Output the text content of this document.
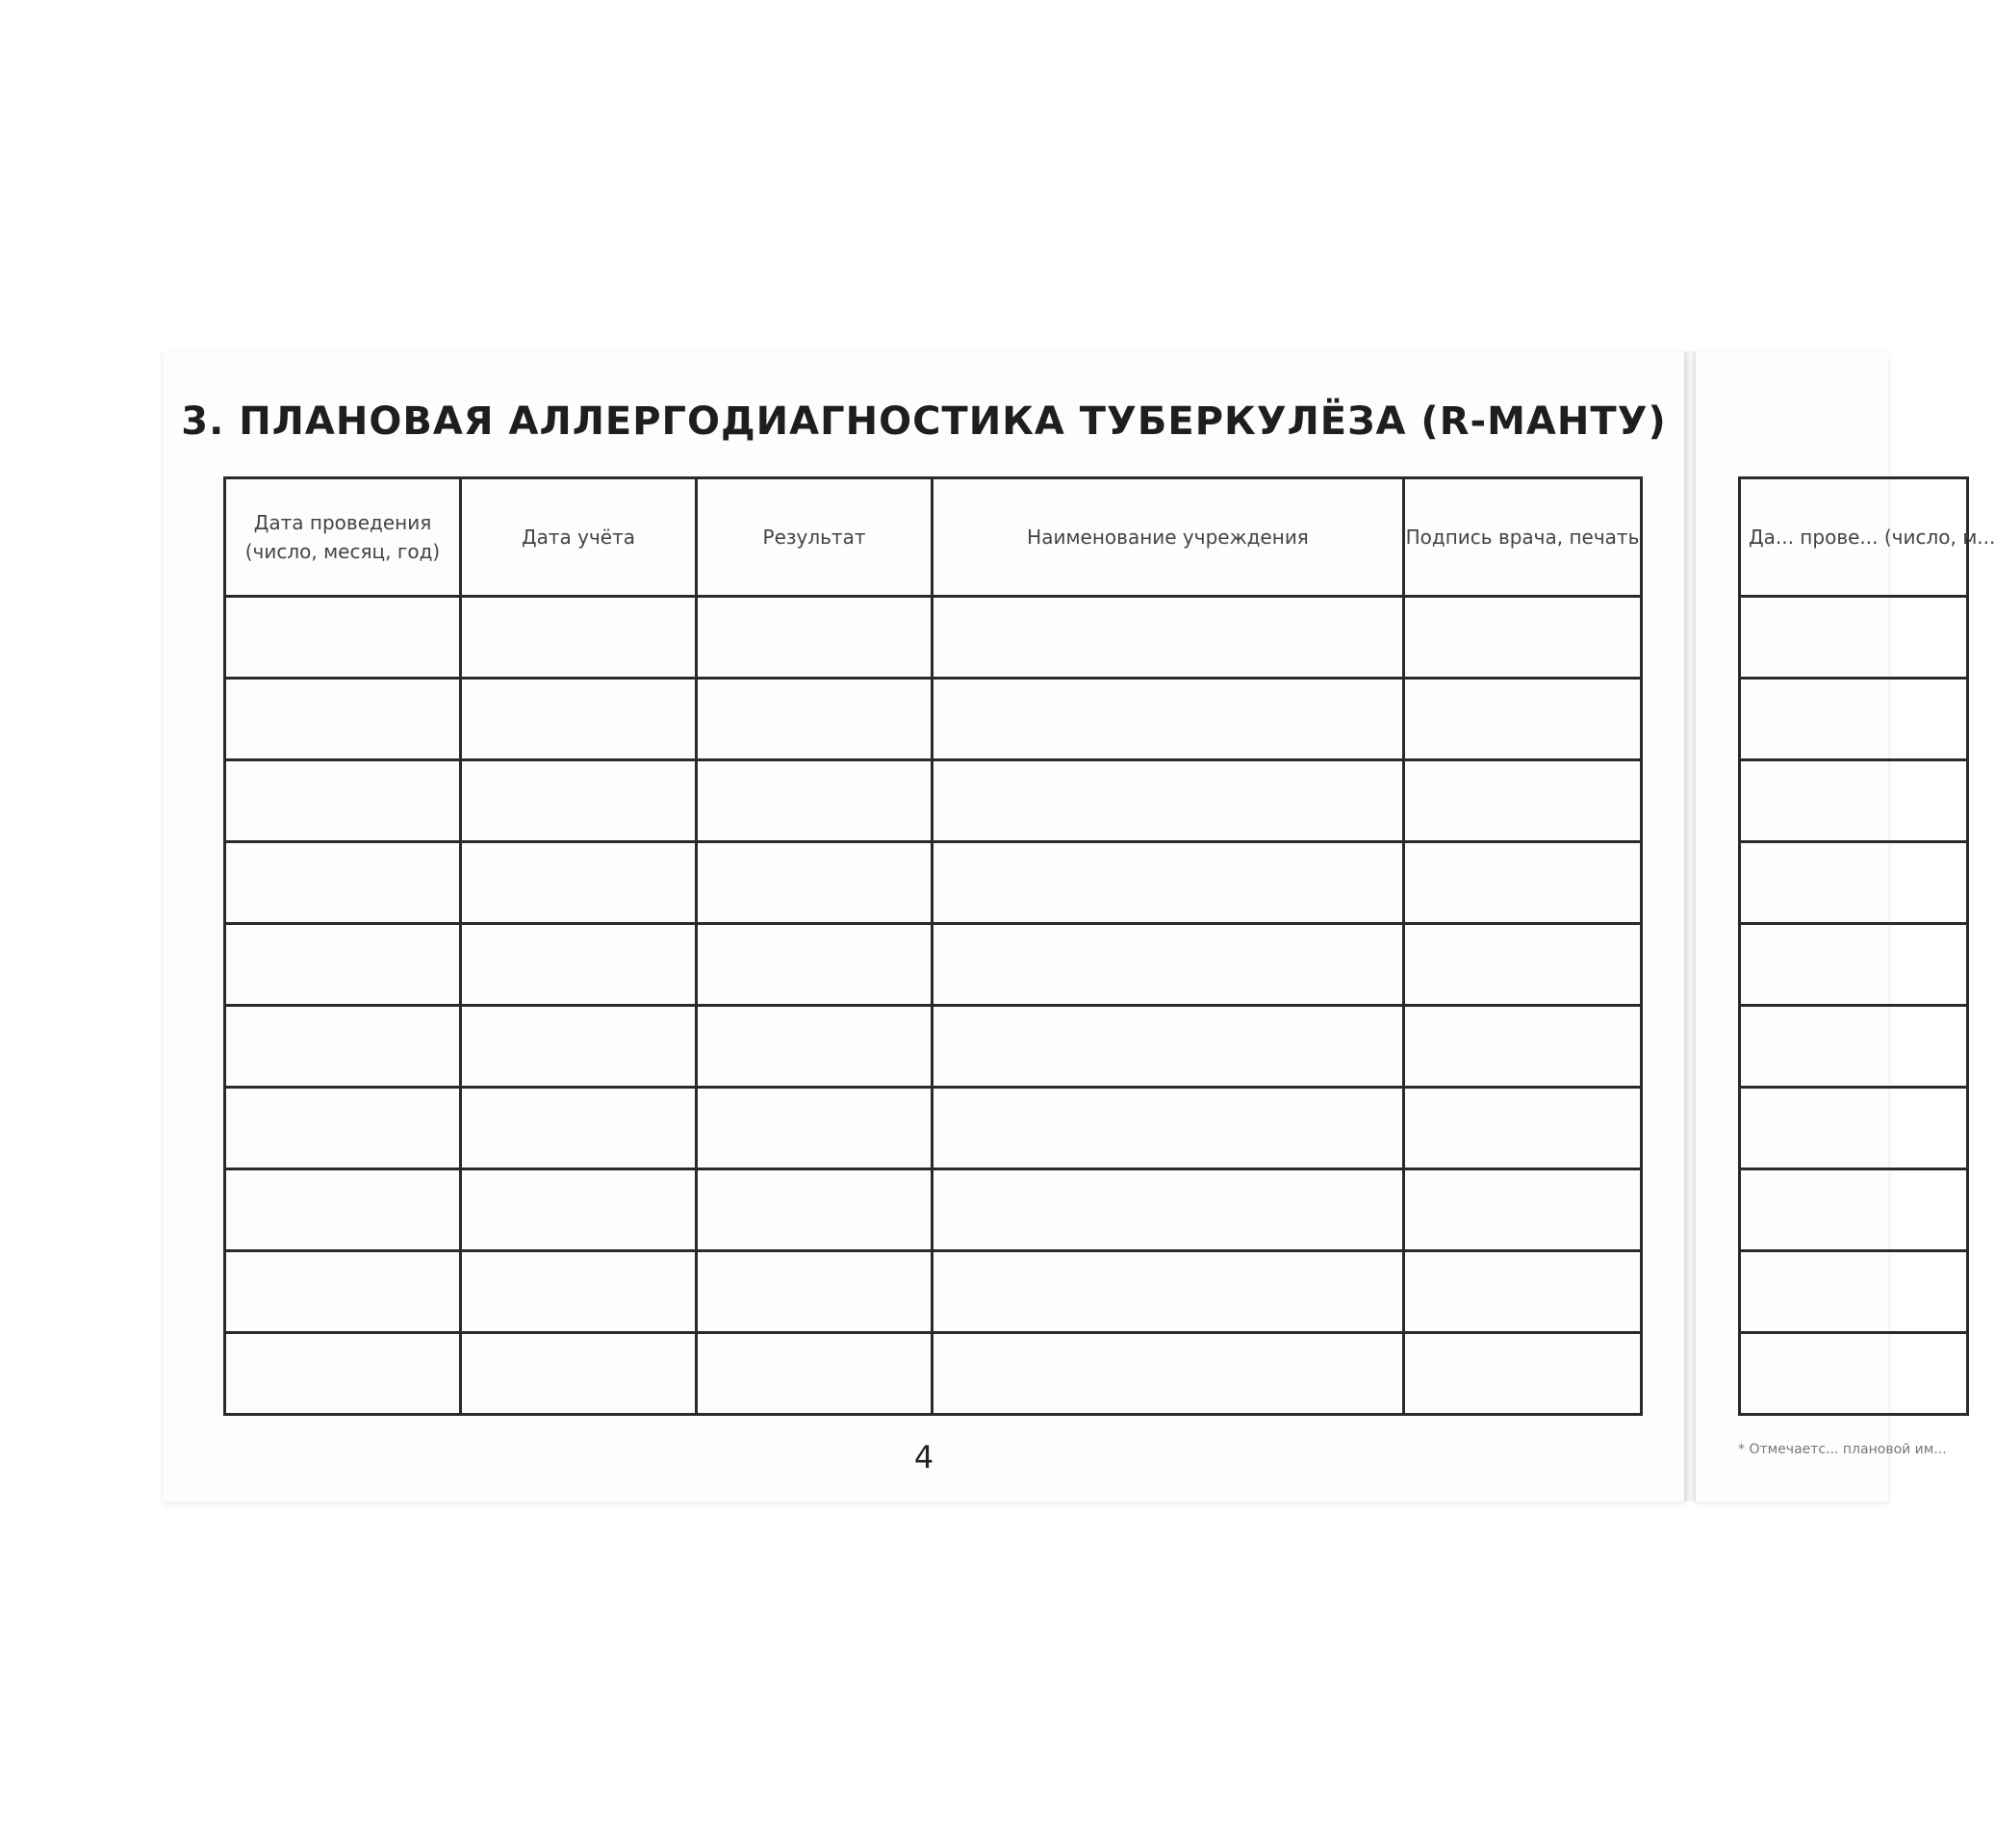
3. ПЛАНОВАЯ АЛЛЕРГОДИАГНОСТИКА ТУБЕРКУЛЁЗА (R-МАНТУ)
Дата проведения (число, месяц, год)	Дата учёта	Результат	Наименование учреждения	Подпись врача, печать

4
Да... прове... (число, м...

* Отмечаетс... плановой им...
